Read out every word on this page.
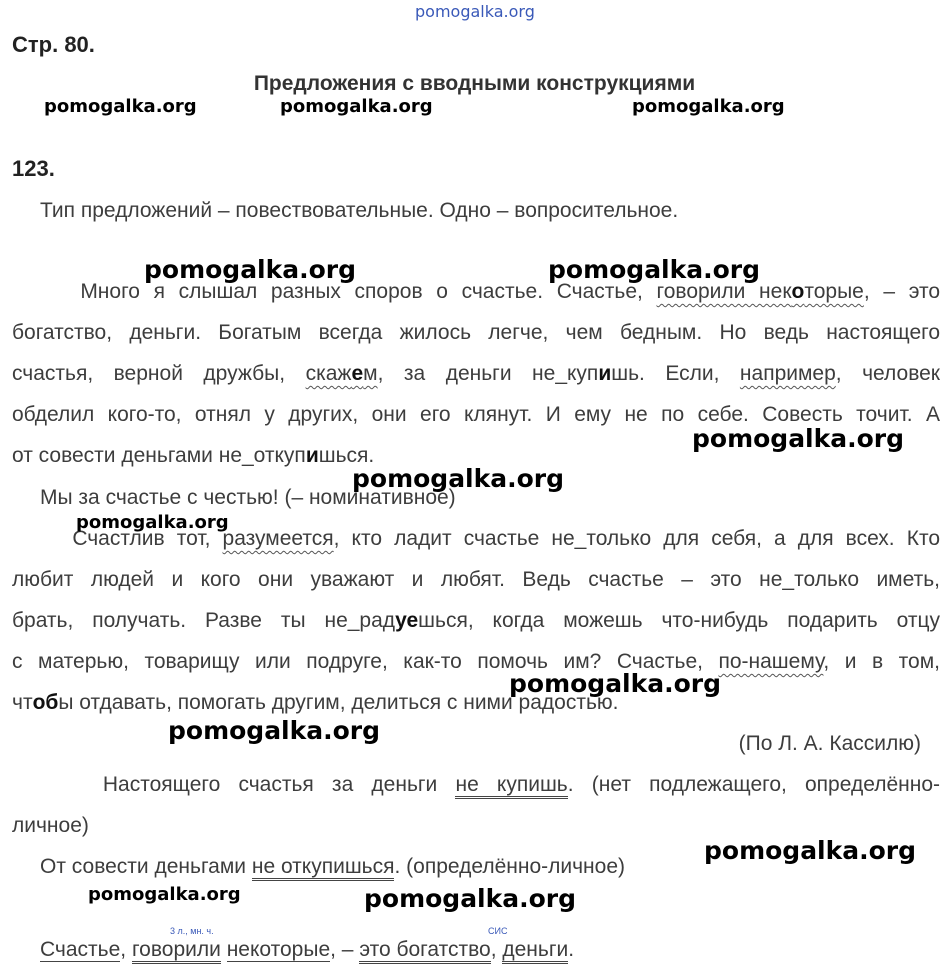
pomogalka.org
pomogalka.org	pomogalka.org	pomogalka.org
Стр. 80.
Предложения с вводными конструкциями
123.
Тип предложений – повествовательные. Одно – вопросительное.
Много я слышал разных споров о счастье. Счастье, говорили некоторые, – это
богатство, деньги. Богатым всегда жилось легче, чем бедным. Но ведь настоящего
счастья, верной дружбы, скажем, за деньги не_купишь. Если, например, человек
обделил кого-то, отнял у других, они его клянут. И ему не по себе. Совесть точит. А
от совести деньгами не_откупишься.
Мы за счастье с честью! (– номинативное)
Счастлив тот, разумеется, кто ладит счастье не_только для себя, а для всех. Кто
любит людей и кого они уважают и любят. Ведь счастье – это не_только иметь,
брать, получать. Разве ты не_радуешься, когда можешь что-нибудь подарить отцу
с матерью, товарищу или подруге, как-то помочь им? Счастье, по-нашему, и в том,
чтобы отдавать, помогать другим, делиться с ними радостью.
(По Л. А. Кассилю)
Настоящего счастья за деньги не купишь. (нет подлежащего, определённо-
личное)
От совести деньгами не откупишься. (определённо-личное)
3 л., мн. ч.	СИС
Счастье, говорили некоторые, – это богатство, деньги.
pomogalka.org	pomogalka.org
pomogalka.org
pomogalka.org
pomogalka.org
pomogalka.org
pomogalka.org
pomogalka.org
pomogalka.org	pomogalka.org
